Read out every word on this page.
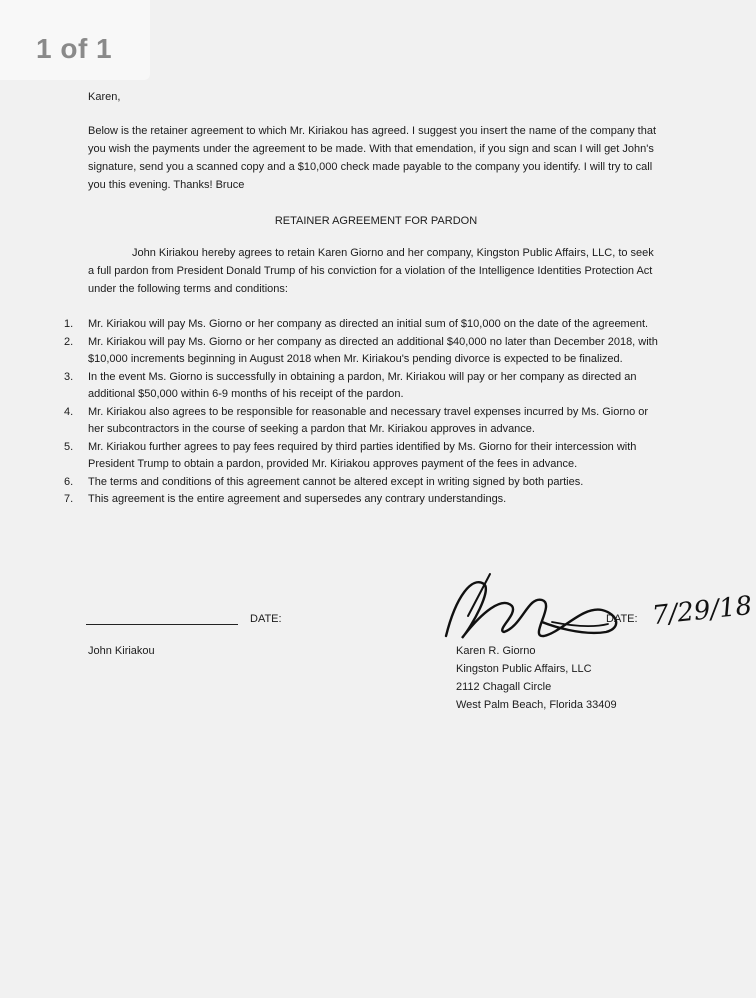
1 of 1
Karen,
Below is the retainer agreement to which Mr. Kiriakou has agreed. I suggest you insert the name of the company that you wish the payments under the agreement to be made. With that emendation, if you sign and scan I will get John's signature, send you a scanned copy and a $10,000 check made payable to the company you identify. I will try to call you this evening. Thanks! Bruce
RETAINER AGREEMENT FOR PARDON
John Kiriakou hereby agrees to retain Karen Giorno and her company, Kingston Public Affairs, LLC, to seek a full pardon from President Donald Trump of his conviction for a violation of the Intelligence Identities Protection Act under the following terms and conditions:
1.	Mr. Kiriakou will pay Ms. Giorno or her company as directed an initial sum of $10,000 on the date of the agreement.
2.	Mr. Kiriakou will pay Ms. Giorno or her company as directed an additional $40,000 no later than December 2018, with $10,000 increments beginning in August 2018 when Mr. Kiriakou's pending divorce is expected to be finalized.
3.	In the event Ms. Giorno is successfully in obtaining a pardon, Mr. Kiriakou will pay or her company as directed an additional $50,000 within 6-9 months of his receipt of the pardon.
4.	Mr. Kiriakou also agrees to be responsible for reasonable and necessary travel expenses incurred by Ms. Giorno or her subcontractors in the course of seeking a pardon that Mr. Kiriakou approves in advance.
5.	Mr. Kiriakou further agrees to pay fees required by third parties identified by Ms. Giorno for their intercession with President Trump to obtain a pardon, provided Mr. Kiriakou approves payment of the fees in advance.
6.	The terms and conditions of this agreement cannot be altered except in writing signed by both parties.
7.	This agreement is the entire agreement and supersedes any contrary understandings.
DATE:	DATE: 7/29/18
John Kiriakou	Karen R. Giorno
Kingston Public Affairs, LLC
2112 Chagall Circle
West Palm Beach, Florida 33409
